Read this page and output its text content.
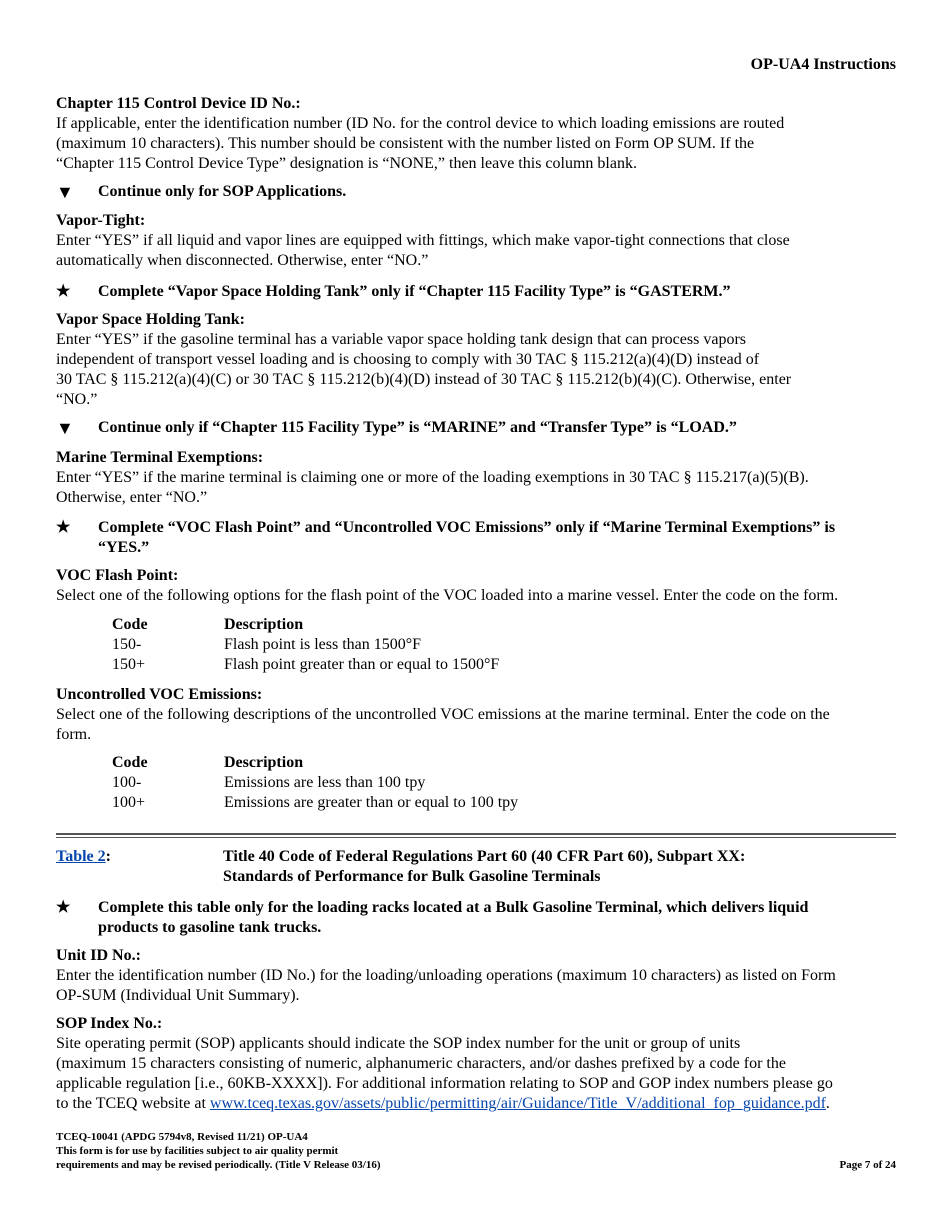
OP-UA4 Instructions
Chapter 115 Control Device ID No.:
If applicable, enter the identification number (ID No. for the control device to which loading emissions are routed
(maximum 10 characters). This number should be consistent with the number listed on Form OP SUM. If the
“Chapter 115 Control Device Type” designation is “NONE,” then leave this column blank.
▼	Continue only for SOP Applications.
Vapor-Tight:
Enter “YES” if all liquid and vapor lines are equipped with fittings, which make vapor-tight connections that close
automatically when disconnected. Otherwise, enter “NO.”
★	Complete “Vapor Space Holding Tank” only if “Chapter 115 Facility Type” is “GASTERM.”
Vapor Space Holding Tank:
Enter “YES” if the gasoline terminal has a variable vapor space holding tank design that can process vapors
independent of transport vessel loading and is choosing to comply with 30 TAC § 115.212(a)(4)(D) instead of
30 TAC § 115.212(a)(4)(C) or 30 TAC § 115.212(b)(4)(D) instead of 30 TAC § 115.212(b)(4)(C). Otherwise, enter
“NO.”
▼	Continue only if “Chapter 115 Facility Type” is “MARINE” and “Transfer Type” is “LOAD.”
Marine Terminal Exemptions:
Enter “YES” if the marine terminal is claiming one or more of the loading exemptions in 30 TAC § 115.217(a)(5)(B).
Otherwise, enter “NO.”
★	Complete “VOC Flash Point” and “Uncontrolled VOC Emissions” only if “Marine Terminal Exemptions” is
“YES.”
VOC Flash Point:
Select one of the following options for the flash point of the VOC loaded into a marine vessel. Enter the code on the form.
Code	Description
150-	Flash point is less than 1500°F
150+	Flash point greater than or equal to 1500°F
Uncontrolled VOC Emissions:
Select one of the following descriptions of the uncontrolled VOC emissions at the marine terminal. Enter the code on the
form.
Code	Description
100-	Emissions are less than 100 tpy
100+	Emissions are greater than or equal to 100 tpy
Table 2:	Title 40 Code of Federal Regulations Part 60 (40 CFR Part 60), Subpart XX:
Standards of Performance for Bulk Gasoline Terminals
★	Complete this table only for the loading racks located at a Bulk Gasoline Terminal, which delivers liquid
products to gasoline tank trucks.
Unit ID No.:
Enter the identification number (ID No.) for the loading/unloading operations (maximum 10 characters) as listed on Form
OP-SUM (Individual Unit Summary).
SOP Index No.:
Site operating permit (SOP) applicants should indicate the SOP index number for the unit or group of units
(maximum 15 characters consisting of numeric, alphanumeric characters, and/or dashes prefixed by a code for the
applicable regulation [i.e., 60KB-XXXX]). For additional information relating to SOP and GOP index numbers please go
to the TCEQ website at www.tceq.texas.gov/assets/public/permitting/air/Guidance/Title_V/additional_fop_guidance.pdf.
TCEQ-10041 (APDG 5794v8, Revised 11/21) OP-UA4
This form is for use by facilities subject to air quality permit
requirements and may be revised periodically. (Title V Release 03/16)	Page 7 of 24
